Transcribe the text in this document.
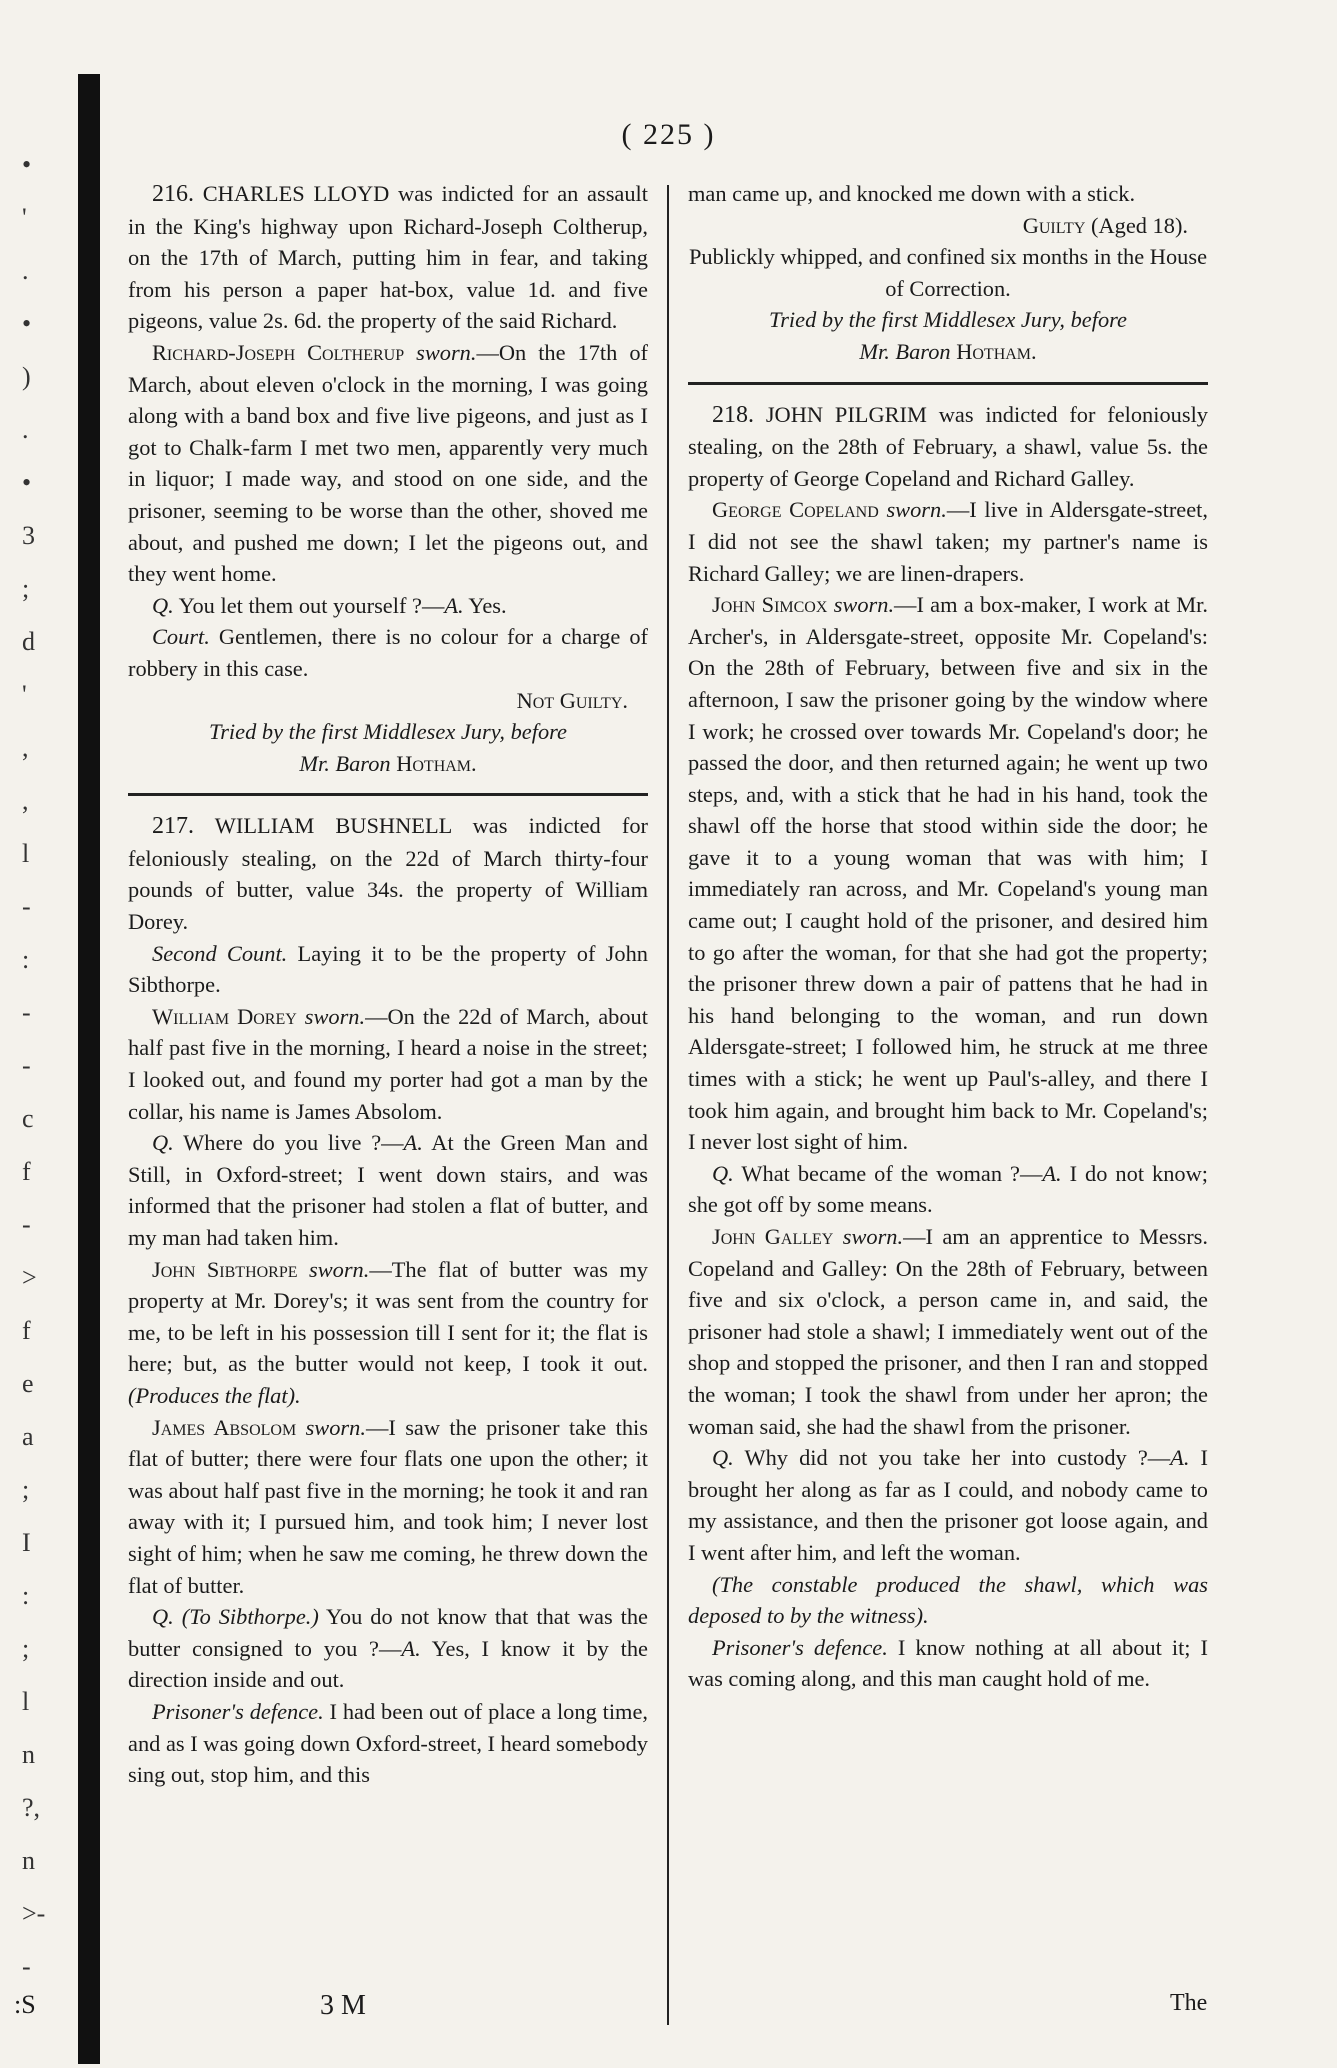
•
'
.
•
)
.
•
3
;
d
'
,
,
l
-
:
-
-
c
f
-
>
f
e
a
;
I
:
;
l
n
?,
n
>-
-
( 225 )

216. CHARLES LLOYD was indicted for an assault in the King's highway upon Richard-Joseph Coltherup, on the 17th of March, putting him in fear, and taking from his person a paper hat-box, value 1d. and five pigeons, value 2s. 6d. the property of the said Richard.

Richard-Joseph Coltherup sworn.—On the 17th of March, about eleven o'clock in the morning, I was going along with a band box and five live pigeons, and just as I got to Chalk-farm I met two men, apparently very much in liquor; I made way, and stood on one side, and the prisoner, seeming to be worse than the other, shoved me about, and pushed me down; I let the pigeons out, and they went home.

Q. You let them out yourself ?—A. Yes.

Court. Gentlemen, there is no colour for a charge of robbery in this case.

Not Guilty.

Tried by the first Middlesex Jury, before

Mr. Baron Hotham.

217. WILLIAM BUSHNELL was indicted for feloniously stealing, on the 22d of March thirty-four pounds of butter, value 34s. the property of William Dorey.

Second Count. Laying it to be the property of John Sibthorpe.

William Dorey sworn.—On the 22d of March, about half past five in the morning, I heard a noise in the street; I looked out, and found my porter had got a man by the collar, his name is James Absolom.

Q. Where do you live ?—A. At the Green Man and Still, in Oxford-street; I went down stairs, and was informed that the prisoner had stolen a flat of butter, and my man had taken him.

John Sibthorpe sworn.—The flat of butter was my property at Mr. Dorey's; it was sent from the country for me, to be left in his possession till I sent for it; the flat is here; but, as the butter would not keep, I took it out. (Produces the flat).

James Absolom sworn.—I saw the prisoner take this flat of butter; there were four flats one upon the other; it was about half past five in the morning; he took it and ran away with it; I pursued him, and took him; I never lost sight of him; when he saw me coming, he threw down the flat of butter.

Q. (To Sibthorpe.) You do not know that that was the butter consigned to you ?—A. Yes, I know it by the direction inside and out.

Prisoner's defence. I had been out of place a long time, and as I was going down Oxford-street, I heard somebody sing out, stop him, and this

man came up, and knocked me down with a stick.

Guilty (Aged 18).

Publickly whipped, and confined six months in the House of Correction.

Tried by the first Middlesex Jury, before

Mr. Baron Hotham.

218. JOHN PILGRIM was indicted for feloniously stealing, on the 28th of February, a shawl, value 5s. the property of George Copeland and Richard Galley.

George Copeland sworn.—I live in Aldersgate-street, I did not see the shawl taken; my partner's name is Richard Galley; we are linen-drapers.

John Simcox sworn.—I am a box-maker, I work at Mr. Archer's, in Aldersgate-street, opposite Mr. Copeland's: On the 28th of February, between five and six in the afternoon, I saw the prisoner going by the window where I work; he crossed over towards Mr. Copeland's door; he passed the door, and then returned again; he went up two steps, and, with a stick that he had in his hand, took the shawl off the horse that stood within side the door; he gave it to a young woman that was with him; I immediately ran across, and Mr. Copeland's young man came out; I caught hold of the prisoner, and desired him to go after the woman, for that she had got the property; the prisoner threw down a pair of pattens that he had in his hand belonging to the woman, and run down Aldersgate-street; I followed him, he struck at me three times with a stick; he went up Paul's-alley, and there I took him again, and brought him back to Mr. Copeland's; I never lost sight of him.

Q. What became of the woman ?—A. I do not know; she got off by some means.

John Galley sworn.—I am an apprentice to Messrs. Copeland and Galley: On the 28th of February, between five and six o'clock, a person came in, and said, the prisoner had stole a shawl; I immediately went out of the shop and stopped the prisoner, and then I ran and stopped the woman; I took the shawl from under her apron; the woman said, she had the shawl from the prisoner.

Q. Why did not you take her into custody ?—A. I brought her along as far as I could, and nobody came to my assistance, and then the prisoner got loose again, and I went after him, and left the woman.

(The constable produced the shawl, which was deposed to by the witness).

Prisoner's defence. I know nothing at all about it; I was coming along, and this man caught hold of me.

:S	3 M	The
